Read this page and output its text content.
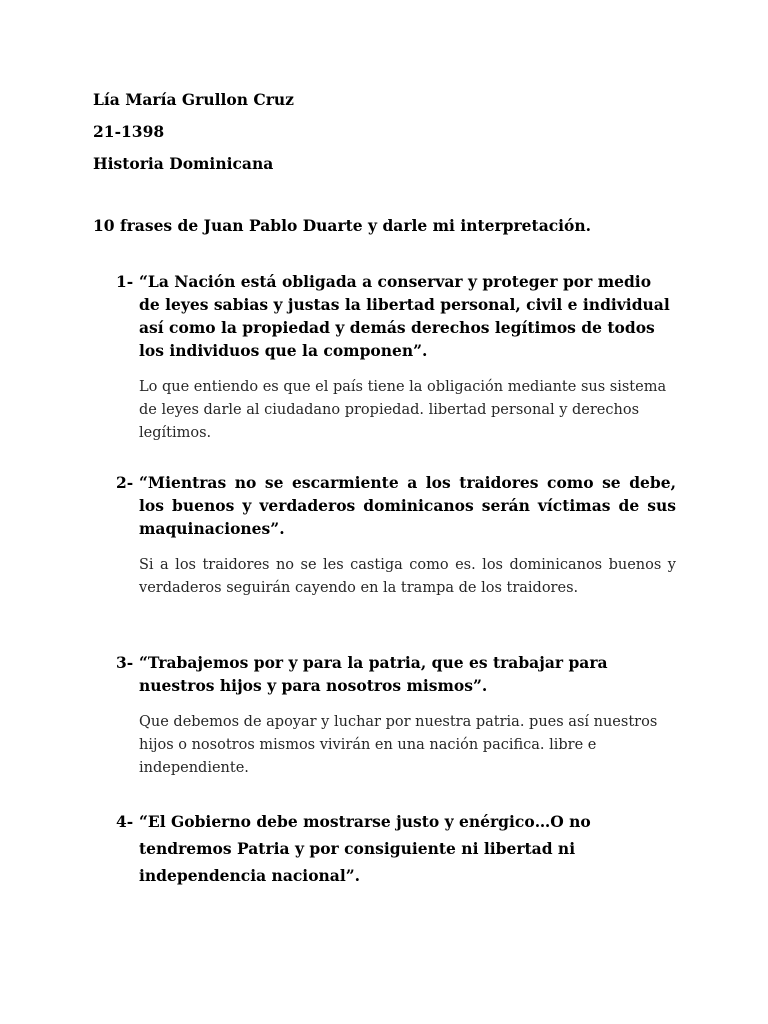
Lía María Grullon Cruz
21-1398
Historia Dominicana
10 frases de Juan Pablo Duarte y darle mi interpretación.
1- “La Nación está obligada a conservar y proteger por medio de leyes sabias y justas la libertad personal, civil e individual así como la propiedad y demás derechos legítimos de todos los individuos que la componen”.

Lo que entiendo es que el país tiene la obligación mediante sus sistema de leyes darle al ciudadano propiedad. libertad personal y derechos legítimos.

2- “Mientras no se escarmiente a los traidores como se debe, los buenos y verdaderos dominicanos serán víctimas de sus maquinaciones”.

Si a los traidores no se les castiga como es. los dominicanos buenos y verdaderos seguirán cayendo en la trampa de los traidores.

3- “Trabajemos por y para la patria, que es trabajar para nuestros hijos y para nosotros mismos”.

Que debemos de apoyar y luchar por nuestra patria. pues así nuestros hijos o nosotros mismos vivirán en una nación pacifica. libre e independiente.

4- “El Gobierno debe mostrarse justo y enérgico…O no tendremos Patria y por consiguiente ni libertad ni independencia nacional”.
